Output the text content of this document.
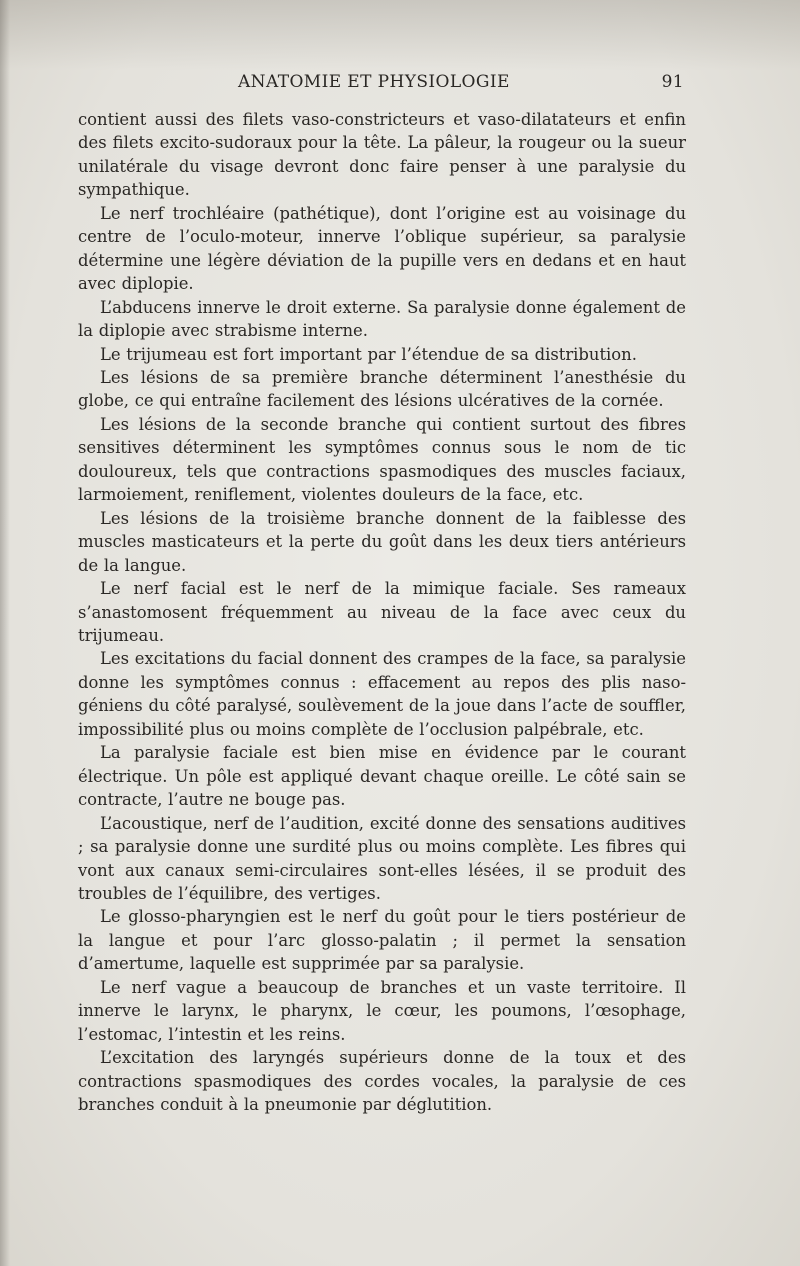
ANATOMIE ET PHYSIOLOGIE	91

contient aussi des filets vaso-constricteurs et vaso-dilatateurs et enfin des filets excito-sudoraux pour la tête. La pâleur, la rougeur ou la sueur unilatérale du visage devront donc faire penser à une paralysie du sympathique.

Le nerf trochléaire (pathétique), dont l’origine est au voisinage du centre de l’oculo-moteur, innerve l’oblique supérieur, sa paralysie détermine une légère déviation de la pupille vers en dedans et en haut avec diplopie.

L’abducens innerve le droit externe. Sa paralysie donne également de la diplopie avec strabisme interne.

Le trijumeau est fort important par l’étendue de sa distribution.

Les lésions de sa première branche déterminent l’anesthésie du globe, ce qui entraîne facilement des lésions ulcératives de la cornée.

Les lésions de la seconde branche qui contient surtout des fibres sensitives déterminent les symptômes connus sous le nom de tic douloureux, tels que contractions spasmodiques des muscles faciaux, larmoiement, reniflement, violentes douleurs de la face, etc.

Les lésions de la troisième branche donnent de la faiblesse des muscles masticateurs et la perte du goût dans les deux tiers antérieurs de la langue.

Le nerf facial est le nerf de la mimique faciale. Ses rameaux s’anastomosent fréquemment au niveau de la face avec ceux du trijumeau.

Les excitations du facial donnent des crampes de la face, sa paralysie donne les symptômes connus : effacement au repos des plis naso-géniens du côté paralysé, soulèvement de la joue dans l’acte de souffler, impossibilité plus ou moins complète de l’occlusion palpébrale, etc.

La paralysie faciale est bien mise en évidence par le courant électrique. Un pôle est appliqué devant chaque oreille. Le côté sain se contracte, l’autre ne bouge pas.

L’acoustique, nerf de l’audition, excité donne des sensations auditives ; sa paralysie donne une surdité plus ou moins complète. Les fibres qui vont aux canaux semi-circulaires sont-elles lésées, il se produit des troubles de l’équilibre, des vertiges.

Le glosso-pharyngien est le nerf du goût pour le tiers postérieur de la langue et pour l’arc glosso-palatin ; il permet la sensation d’amertume, laquelle est supprimée par sa paralysie.

Le nerf vague a beaucoup de branches et un vaste territoire. Il innerve le larynx, le pharynx, le cœur, les poumons, l’œsophage, l’estomac, l’intestin et les reins.

L’excitation des laryngés supérieurs donne de la toux et des contractions spasmodiques des cordes vocales, la paralysie de ces branches conduit à la pneumonie par déglutition.
